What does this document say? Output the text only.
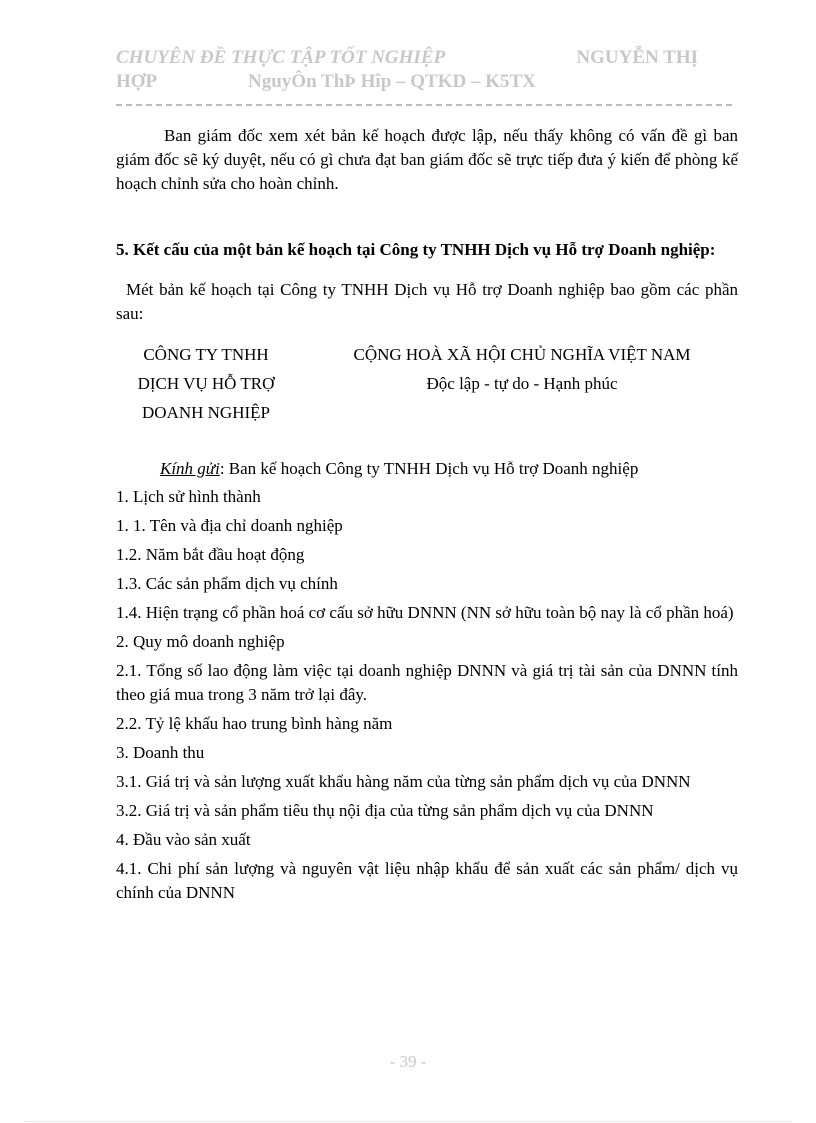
CHUYÊN ĐỀ THỰC TẬP TỐT NGHIỆP	NGUYỄN THỊ
HỢP	NguyÔn ThÞ Hîp – QTKD – K5TX

Ban giám đốc xem xét bản kế hoạch được lập, nếu thấy không có vấn đề gì ban giám đốc sẽ ký duyệt, nếu có gì chưa đạt ban giám đốc sẽ trực tiếp đưa ý kiến để phòng kế hoạch chỉnh sửa cho hoàn chỉnh.

5. Kết cấu của một bản kế hoạch tại Công ty TNHH Dịch vụ Hỗ trợ Doanh nghiệp:

Mét bản kế hoạch tại Công ty TNHH Dịch vụ Hỗ trợ Doanh nghiệp bao gồm các phần sau:

CÔNG TY TNHH
DỊCH VỤ HỖ TRỢ
DOANH NGHIỆP
CỘNG HOÀ XÃ HỘI CHỦ NGHĨA VIỆT NAM
Độc lập - tự do - Hạnh phúc

Kính gửi: Ban kế hoạch Công ty TNHH Dịch vụ Hỗ trợ Doanh nghiệp

1. Lịch sử hình thành

1. 1. Tên và địa chỉ doanh nghiệp

1.2. Năm bắt đầu hoạt động

1.3. Các sản phẩm dịch vụ chính

1.4. Hiện trạng cổ phần hoá cơ cấu sở hữu DNNN (NN sở hữu toàn bộ nay là cổ phần hoá)

2. Quy mô doanh nghiệp

2.1. Tổng số lao động làm việc tại doanh nghiệp DNNN và giá trị tài sản của DNNN tính theo giá mua trong 3 năm trở lại đây.

2.2. Tỷ lệ khấu hao trung bình hàng năm

3. Doanh thu

3.1. Giá trị và sản lượng xuất khẩu hàng năm của từng sản phẩm dịch vụ của DNNN

3.2. Giá trị và sản phẩm tiêu thụ nội địa của từng sản phẩm dịch vụ của DNNN

4. Đầu vào sản xuất

4.1. Chi phí sản lượng và nguyên vật liệu nhập khẩu để sản xuất các sản phẩm/ dịch vụ chính của DNNN

- 39 -
